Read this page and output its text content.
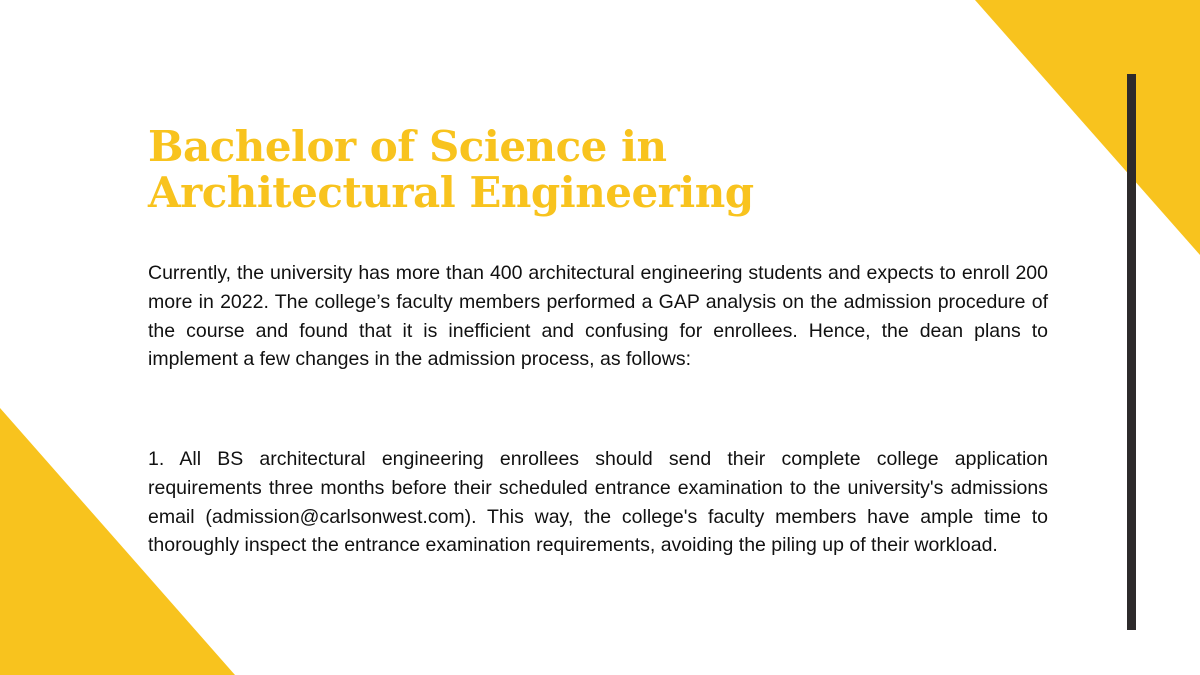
Bachelor of Science in
Architectural Engineering

Currently, the university has more than 400 architectural engineering students and expects to enroll 200 more in 2022. The college’s faculty members performed a GAP analysis on the admission procedure of the course and found that it is inefficient and confusing for enrollees. Hence, the dean plans to implement a few changes in the admission process, as follows:

1. All BS architectural engineering enrollees should send their complete college application requirements three months before their scheduled entrance examination to the university's admissions email (admission@carlsonwest.com). This way, the college's faculty members have ample time to thoroughly inspect the entrance examination requirements, avoiding the piling up of their workload.
